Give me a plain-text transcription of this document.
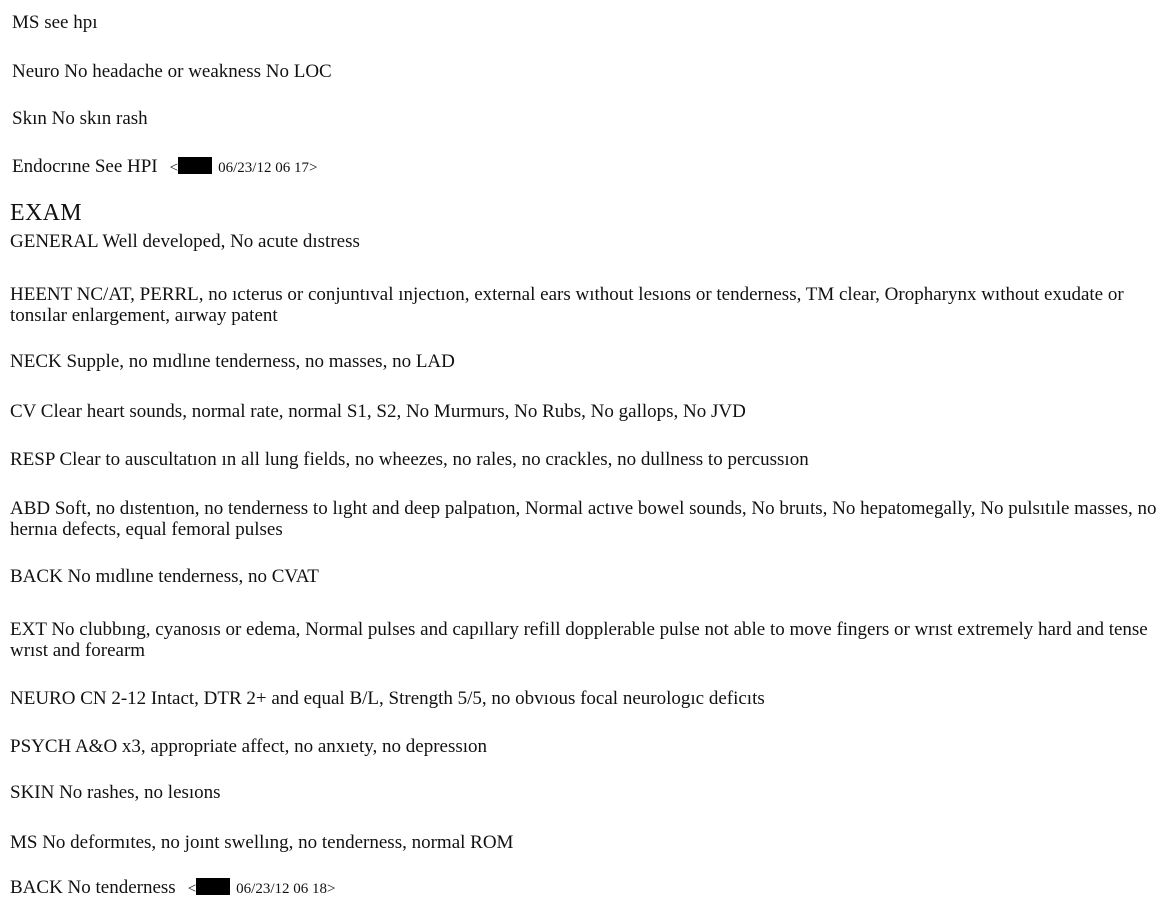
MS see hpı
Neuro No headache or weakness No LOC
Skın No skın rash
Endocrıne See HPI <	06/23/12 06 17>
EXAM
GENERAL Well developed, No acute dıstress
HEENT NC/AT, PERRL, no ıcterus or conjuntıval ınjectıon, external ears wıthout lesıons or tenderness, TM clear, Oropharynx wıthout exudate or tonsılar enlargement, aırway patent
NECK Supple, no mıdlıne tenderness, no masses, no LAD
CV Clear heart sounds, normal rate, normal S1, S2, No Murmurs, No Rubs, No gallops, No JVD
RESP Clear to auscultatıon ın all lung fields, no wheezes, no rales, no crackles, no dullness to percussıon
ABD Soft, no dıstentıon, no tenderness to lıght and deep palpatıon, Normal actıve bowel sounds, No bruıts, No hepatomegally, No pulsıtıle masses, no hernıa defects, equal femoral pulses
BACK No mıdlıne tenderness, no CVAT
EXT No clubbıng, cyanosıs or edema, Normal pulses and capıllary refill dopplerable pulse not able to move fingers or wrıst extremely hard and tense wrıst and forearm
NEURO CN 2-12 Intact, DTR 2+ and equal B/L, Strength 5/5, no obvıous focal neurologıc deficıts
PSYCH A&O x3, appropriate affect, no anxıety, no depressıon
SKIN No rashes, no lesıons
MS No deformıtes, no joınt swellıng, no tenderness, normal ROM
BACK No tenderness <	06/23/12 06 18>
